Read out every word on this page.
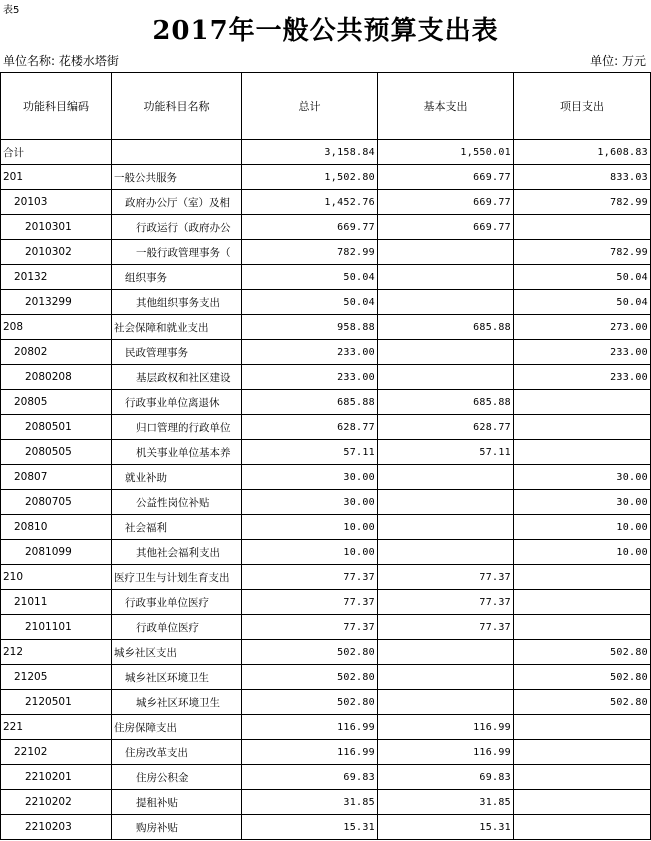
表5
2017年一般公共预算支出表
单位名称: 花楼水塔街	单位: 万元
功能科目编码	功能科目名称	总计	基本支出	项目支出
合计		3,158.84	1,550.01	1,608.83
201	一般公共服务	1,502.80	669.77	833.03
20103	政府办公厅（室）及相	1,452.76	669.77	782.99
2010301	行政运行（政府办公	669.77	669.77	
2010302	一般行政管理事务（	782.99		782.99
20132	组织事务	50.04		50.04
2013299	其他组织事务支出	50.04		50.04
208	社会保障和就业支出	958.88	685.88	273.00
20802	民政管理事务	233.00		233.00
2080208	基层政权和社区建设	233.00		233.00
20805	行政事业单位离退休	685.88	685.88	
2080501	归口管理的行政单位	628.77	628.77	
2080505	机关事业单位基本养	57.11	57.11	
20807	就业补助	30.00		30.00
2080705	公益性岗位补贴	30.00		30.00
20810	社会福利	10.00		10.00
2081099	其他社会福利支出	10.00		10.00
210	医疗卫生与计划生育支出	77.37	77.37	
21011	行政事业单位医疗	77.37	77.37	
2101101	行政单位医疗	77.37	77.37	
212	城乡社区支出	502.80		502.80
21205	城乡社区环境卫生	502.80		502.80
2120501	城乡社区环境卫生	502.80		502.80
221	住房保障支出	116.99	116.99	
22102	住房改革支出	116.99	116.99	
2210201	住房公积金	69.83	69.83	
2210202	提租补贴	31.85	31.85	
2210203	购房补贴	15.31	15.31	
